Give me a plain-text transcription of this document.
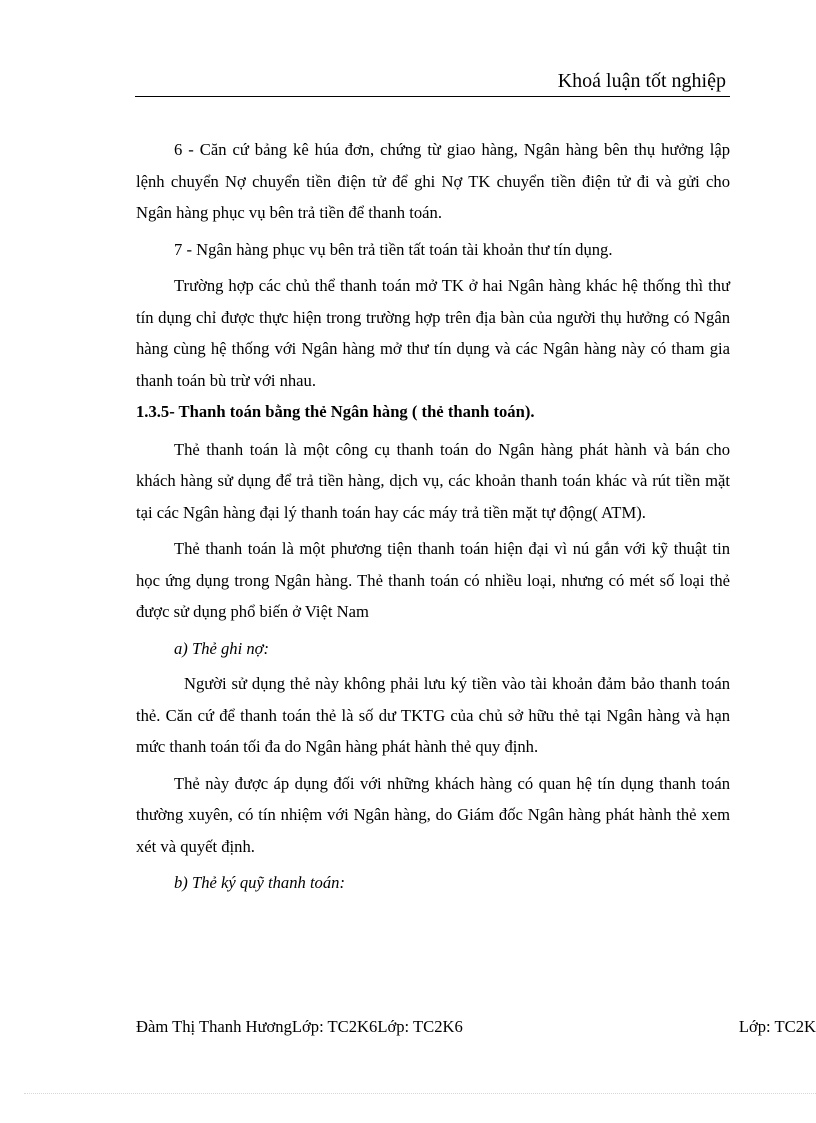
Khoá luận tốt nghiệp

6 - Căn cứ bảng kê húa đơn, chứng từ giao hàng, Ngân hàng bên thụ hưởng lập lệnh chuyển Nợ chuyển tiền điện tử để ghi Nợ TK chuyển tiền điện tử đi và gửi cho Ngân hàng phục vụ bên trả tiền để thanh toán.

7 - Ngân hàng phục vụ bên trả tiền tất toán tài khoản thư tín dụng.

Trường hợp các chủ thể thanh toán mở TK ở hai Ngân hàng khác hệ thống thì thư tín dụng chỉ được thực hiện trong trường hợp trên địa bàn của người thụ hưởng có Ngân hàng cùng hệ thống với Ngân hàng mở thư tín dụng và các Ngân hàng này có tham gia thanh toán bù trừ với nhau.

1.3.5- Thanh toán bằng thẻ Ngân hàng ( thẻ thanh toán).

Thẻ thanh toán là một công cụ thanh toán do Ngân hàng phát hành và bán cho khách hàng sử dụng để trả tiền hàng, dịch vụ, các khoản thanh toán khác và rút tiền mặt tại các Ngân hàng đại lý thanh toán hay các máy trả tiền mặt tự động( ATM).

Thẻ thanh toán là một phương tiện thanh toán hiện đại vì nú gắn với kỹ thuật tin học ứng dụng trong Ngân hàng. Thẻ thanh toán có nhiều loại, nhưng có mét số loại thẻ được sử dụng phổ biến ở Việt Nam

a) Thẻ ghi nợ:

Người sử dụng thẻ này không phải lưu ký tiền vào tài khoản đảm bảo thanh toán thẻ. Căn cứ để thanh toán thẻ là số dư TKTG của chủ sở hữu thẻ tại Ngân hàng và hạn mức thanh toán tối đa do Ngân hàng phát hành thẻ quy định.

Thẻ này được áp dụng đối với những khách hàng có quan hệ tín dụng thanh toán thường xuyên, có tín nhiệm với Ngân hàng, do Giám đốc Ngân hàng phát hành thẻ xem xét và quyết định.

b) Thẻ ký quỹ thanh toán:

Đàm Thị Thanh HươngLớp: TC2K6Lớp: TC2K6	Lớp: TC2K
